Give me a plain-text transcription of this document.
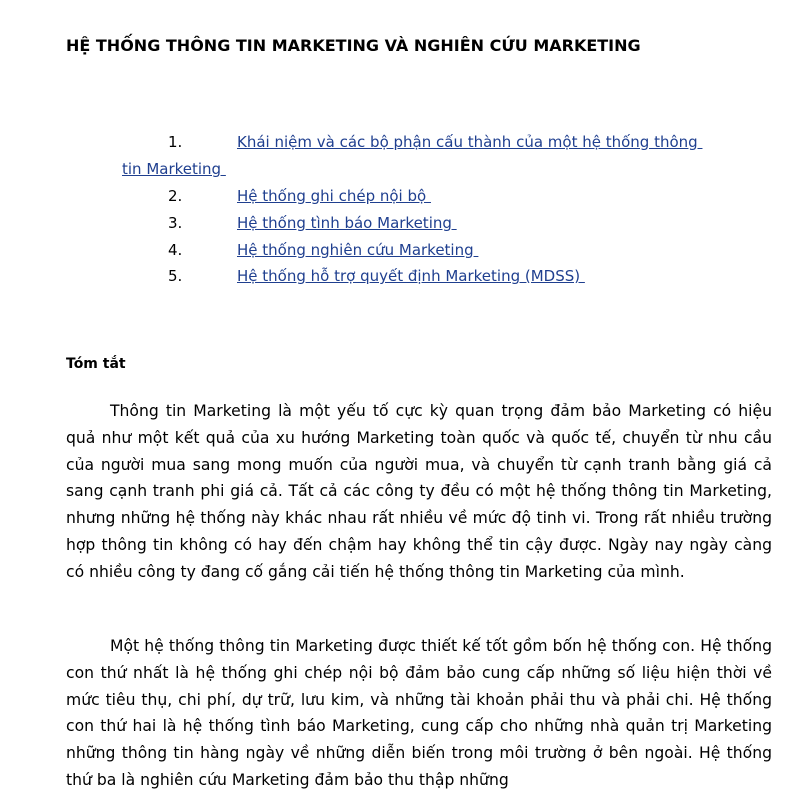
HỆ THỐNG THÔNG TIN MARKETING VÀ NGHIÊN CỨU MARKETING
1.	Khái niệm và các bộ phận cấu thành của một hệ thống thông
tin Marketing
2.	Hệ thống ghi chép nội bộ
3.	Hệ thống tình báo Marketing
4.	Hệ thống nghiên cứu Marketing
5.	Hệ thống hỗ trợ quyết định Marketing (MDSS)
Tóm tắt

Thông tin Marketing là một yếu tố cực kỳ quan trọng đảm bảo Marketing có hiệu quả như một kết quả của xu hướng Marketing toàn quốc và quốc tế, chuyển từ nhu cầu của người mua sang mong muốn của người mua, và chuyển từ cạnh tranh bằng giá cả sang cạnh tranh phi giá cả. Tất cả các công ty đều có một hệ thống thông tin Marketing, nhưng những hệ thống này khác nhau rất nhiều về mức độ tinh vi. Trong rất nhiều trường hợp thông tin không có hay đến chậm hay không thể tin cậy được. Ngày nay ngày càng có nhiều công ty đang cố gắng cải tiến hệ thống thông tin Marketing của mình.

Một hệ thống thông tin Marketing được thiết kế tốt gồm bốn hệ thống con. Hệ thống con thứ nhất là hệ thống ghi chép nội bộ đảm bảo cung cấp những số liệu hiện thời về mức tiêu thụ, chi phí, dự trữ, lưu kim, và những tài khoản phải thu và phải chi. Hệ thống con thứ hai là hệ thống tình báo Marketing, cung cấp cho những nhà quản trị Marketing những thông tin hàng ngày về những diễn biến trong môi trường ở bên ngoài. Hệ thống thứ ba là nghiên cứu Marketing đảm bảo thu thập những
